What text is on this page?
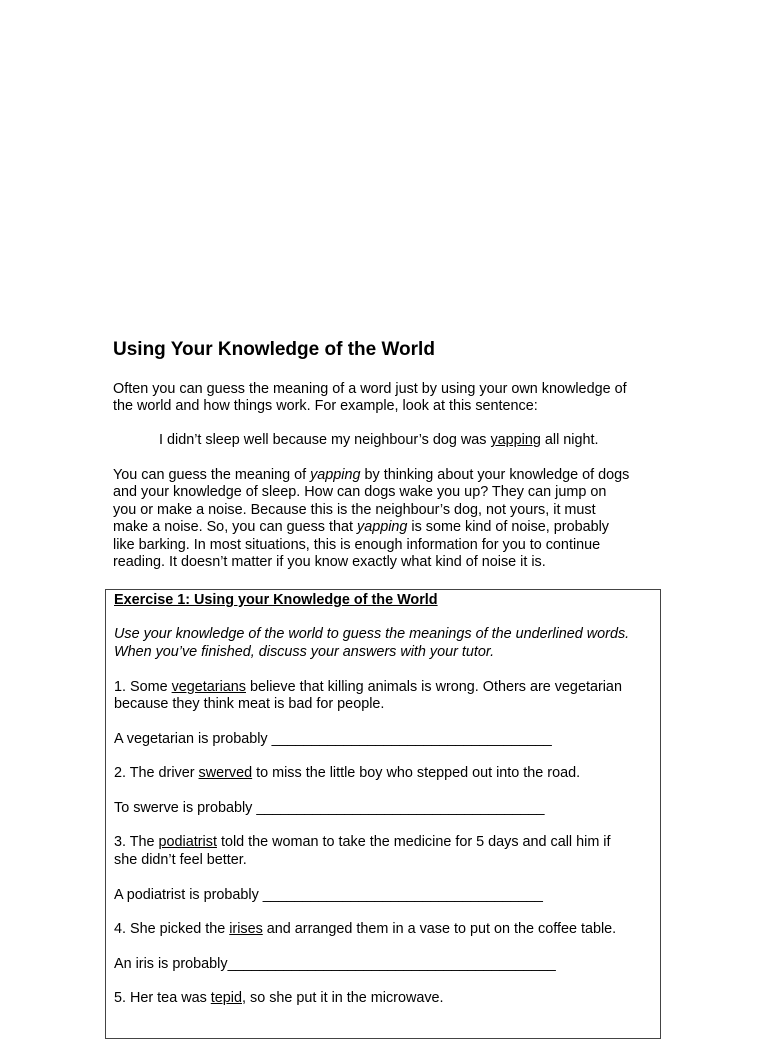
Using Your Knowledge of the World
Often you can guess the meaning of a word just by using your own knowledge of
the world and how things work. For example, look at this sentence:
I didn’t sleep well because my neighbour’s dog was yapping all night.
You can guess the meaning of yapping by thinking about your knowledge of dogs
and your knowledge of sleep. How can dogs wake you up? They can jump on
you or make a noise. Because this is the neighbour’s dog, not yours, it must
make a noise. So, you can guess that yapping is some kind of noise, probably
like barking. In most situations, this is enough information for you to continue
reading. It doesn’t matter if you know exactly what kind of noise it is.
Exercise 1: Using your Knowledge of the World
Use your knowledge of the world to guess the meanings of the underlined words.
When you’ve finished, discuss your answers with your tutor.
1. Some vegetarians believe that killing animals is wrong. Others are vegetarian
because they think meat is bad for people.
A vegetarian is probably ___________________________________
2. The driver swerved to miss the little boy who stepped out into the road.
To swerve is probably ____________________________________
3. The podiatrist told the woman to take the medicine for 5 days and call him if
she didn’t feel better.
A podiatrist is probably ___________________________________
4. She picked the irises and arranged them in a vase to put on the coffee table.
An iris is probably_________________________________________
5. Her tea was tepid, so she put it in the microwave.
